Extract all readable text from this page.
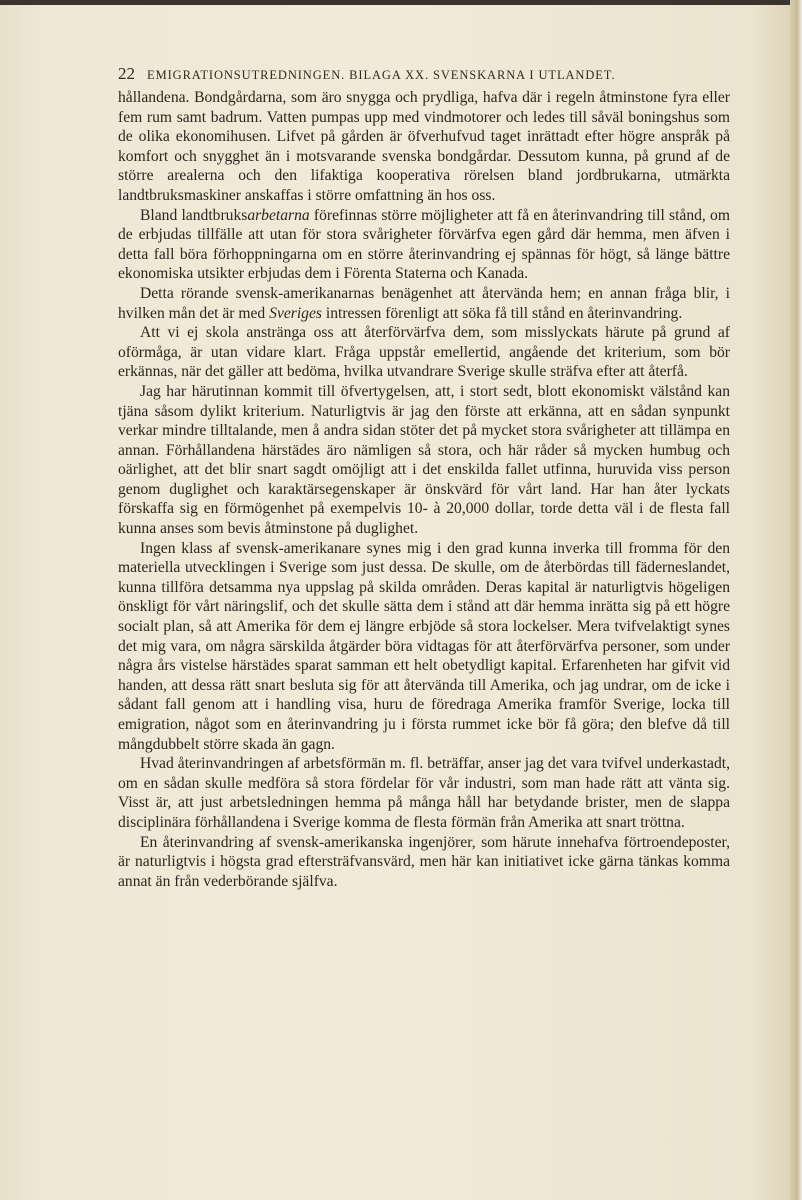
22 EMIGRATIONSUTREDNINGEN. BILAGA XX. SVENSKARNA I UTLANDET.

hållandena. Bondgårdarna, som äro snygga och prydliga, hafva där i regeln åtminstone fyra eller fem rum samt badrum. Vatten pumpas upp med vindmotorer och ledes till såväl boningshus som de olika ekonomihusen. Lifvet på gården är öfverhufvud taget inrättadt efter högre anspråk på komfort och snygghet än i motsvarande svenska bondgårdar. Dessutom kunna, på grund af de större arealerna och den lifaktiga kooperativa rörelsen bland jordbrukarna, utmärkta landtbruksmaskiner anskaffas i större omfattning än hos oss.

Bland landtbruksarbetarna förefinnas större möjligheter att få en återinvandring till stånd, om de erbjudas tillfälle att utan för stora svårigheter förvärfva egen gård där hemma, men äfven i detta fall böra förhoppningarna om en större återinvandring ej spännas för högt, så länge bättre ekonomiska utsikter erbjudas dem i Förenta Staterna och Kanada.

Detta rörande svensk-amerikanarnas benägenhet att återvända hem; en annan fråga blir, i hvilken mån det är med Sveriges intressen förenligt att söka få till stånd en återinvandring.

Att vi ej skola anstränga oss att återförvärfva dem, som misslyckats härute på grund af oförmåga, är utan vidare klart. Fråga uppstår emellertid, angående det kriterium, som bör erkännas, när det gäller att bedöma, hvilka utvandrare Sverige skulle sträfva efter att återfå.

Jag har härutinnan kommit till öfvertygelsen, att, i stort sedt, blott ekonomiskt välstånd kan tjäna såsom dylikt kriterium. Naturligtvis är jag den förste att erkänna, att en sådan synpunkt verkar mindre tilltalande, men å andra sidan stöter det på mycket stora svårigheter att tillämpa en annan. Förhållandena härstädes äro nämligen så stora, och här råder så mycken humbug och oärlighet, att det blir snart sagdt omöjligt att i det enskilda fallet utfinna, huruvida viss person genom duglighet och karaktärsegenskaper är önskvärd för vårt land. Har han åter lyckats förskaffa sig en förmögenhet på exempelvis 10- à 20,000 dollar, torde detta väl i de flesta fall kunna anses som bevis åtminstone på duglighet.

Ingen klass af svensk-amerikanare synes mig i den grad kunna inverka till fromma för den materiella utvecklingen i Sverige som just dessa. De skulle, om de återbördas till fäderneslandet, kunna tillföra detsamma nya uppslag på skilda områden. Deras kapital är naturligtvis högeligen önskligt för vårt näringslif, och det skulle sätta dem i stånd att där hemma inrätta sig på ett högre socialt plan, så att Amerika för dem ej längre erbjöde så stora lockelser. Mera tvifvelaktigt synes det mig vara, om några särskilda åtgärder böra vidtagas för att återförvärfva personer, som under några års vistelse härstädes sparat samman ett helt obetydligt kapital. Erfarenheten har gifvit vid handen, att dessa rätt snart besluta sig för att återvända till Amerika, och jag undrar, om de icke i sådant fall genom att i handling visa, huru de föredraga Amerika framför Sverige, locka till emigration, något som en återinvandring ju i första rummet icke bör få göra; den blefve då till mångdubbelt större skada än gagn.

Hvad återinvandringen af arbetsförmän m. fl. beträffar, anser jag det vara tvifvel underkastadt, om en sådan skulle medföra så stora fördelar för vår industri, som man hade rätt att vänta sig. Visst är, att just arbetsledningen hemma på många håll har betydande brister, men de slappa disciplinära förhållandena i Sverige komma de flesta förmän från Amerika att snart tröttna.

En återinvandring af svensk-amerikanska ingenjörer, som härute innehafva förtroendeposter, är naturligtvis i högsta grad eftersträfvansvärd, men här kan initiativet icke gärna tänkas komma annat än från vederbörande själfva.
